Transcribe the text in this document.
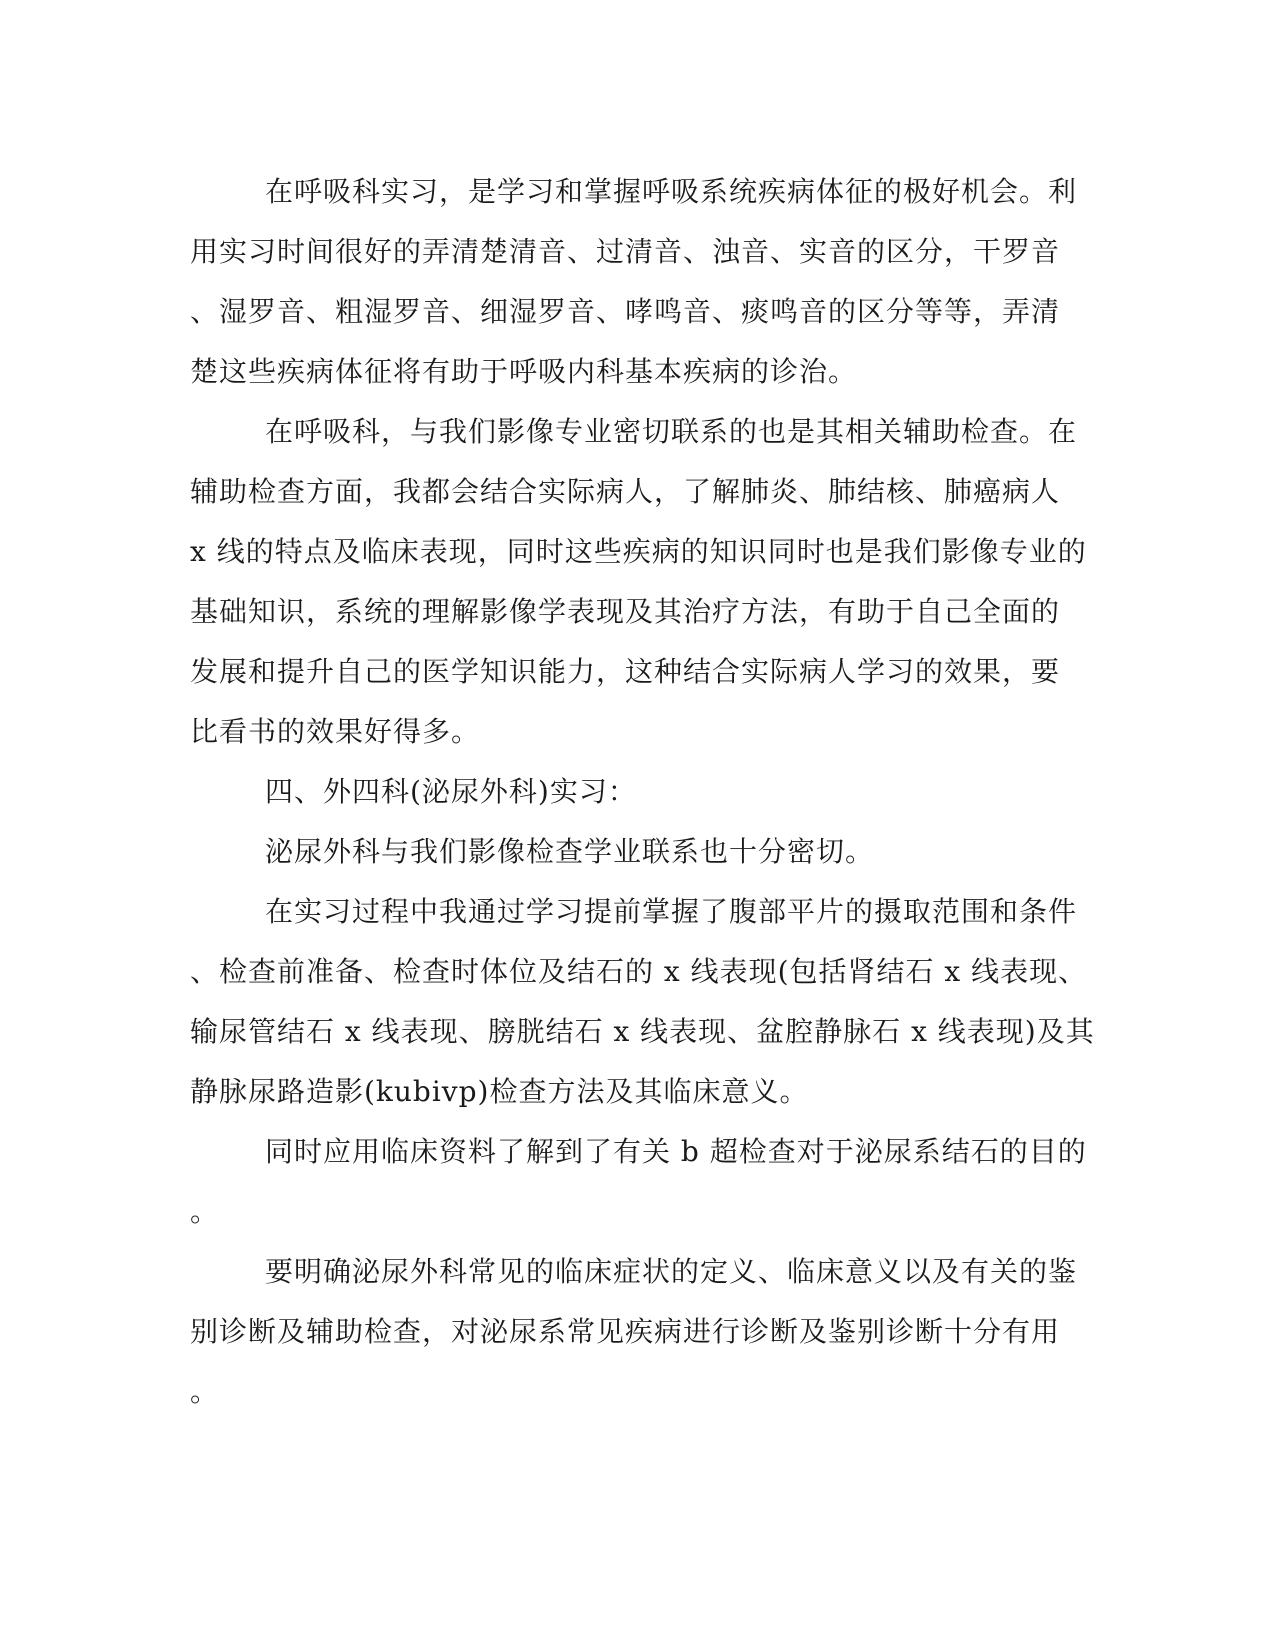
在呼吸科实习，是学习和掌握呼吸系统疾病体征的极好机会。利
用实习时间很好的弄清楚清音、过清音、浊音、实音的区分，干罗音
、湿罗音、粗湿罗音、细湿罗音、哮鸣音、痰鸣音的区分等等，弄清
楚这些疾病体征将有助于呼吸内科基本疾病的诊治。
在呼吸科，与我们影像专业密切联系的也是其相关辅助检查。在
辅助检查方面，我都会结合实际病人，了解肺炎、肺结核、肺癌病人
x 线的特点及临床表现，同时这些疾病的知识同时也是我们影像专业的
基础知识，系统的理解影像学表现及其治疗方法，有助于自己全面的
发展和提升自己的医学知识能力，这种结合实际病人学习的效果，要
比看书的效果好得多。
四、外四科(泌尿外科)实习：
泌尿外科与我们影像检查学业联系也十分密切。
在实习过程中我通过学习提前掌握了腹部平片的摄取范围和条件
、检查前准备、检查时体位及结石的 x 线表现(包括肾结石 x 线表现、
输尿管结石 x 线表现、膀胱结石 x 线表现、盆腔静脉石 x 线表现)及其
静脉尿路造影(kubivp)检查方法及其临床意义。
同时应用临床资料了解到了有关 b 超检查对于泌尿系结石的目的
。
要明确泌尿外科常见的临床症状的定义、临床意义以及有关的鉴
别诊断及辅助检查，对泌尿系常见疾病进行诊断及鉴别诊断十分有用
。
